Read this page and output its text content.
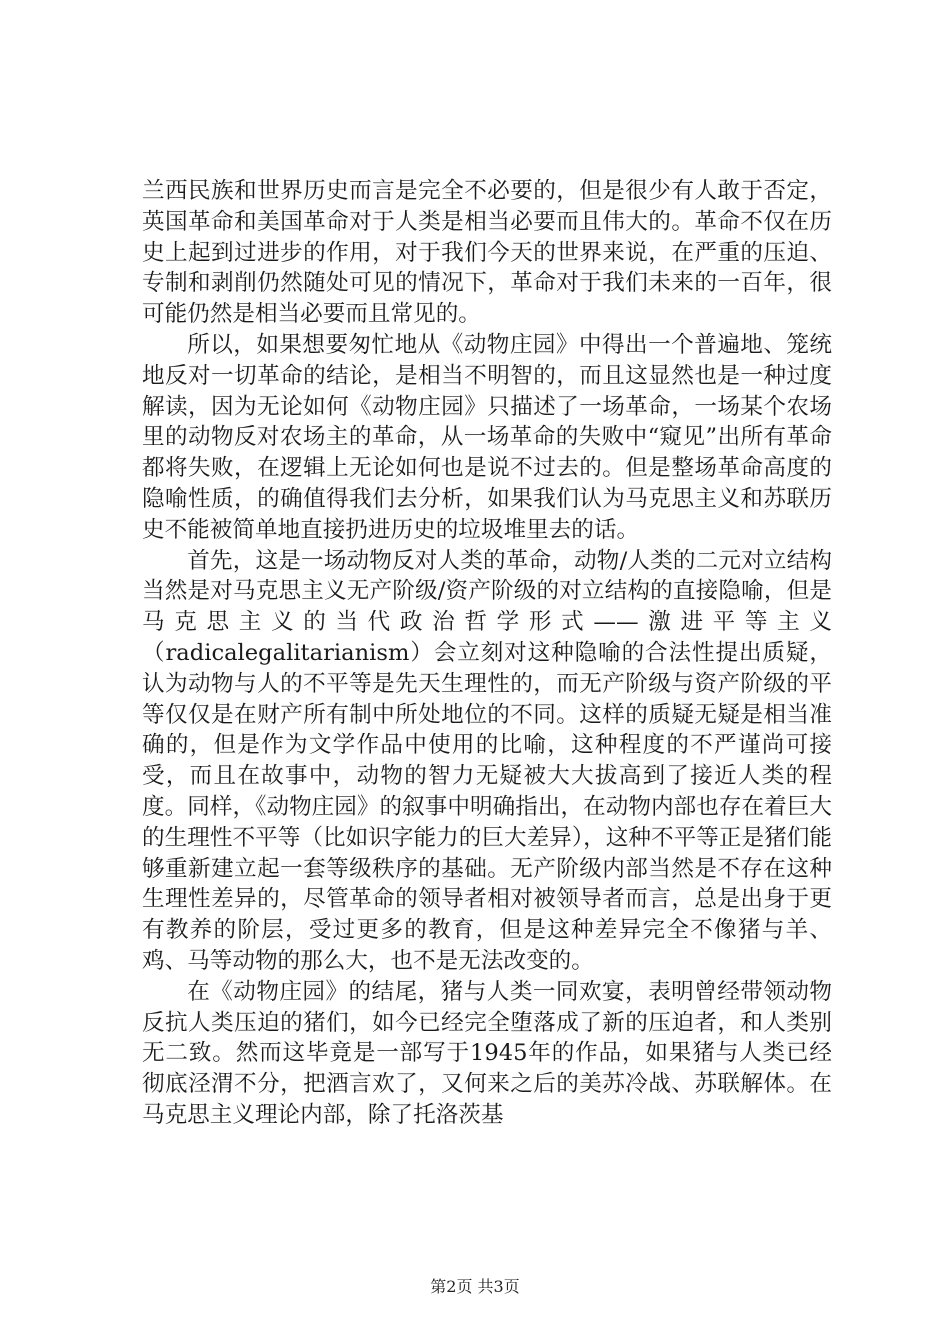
兰西民族和世界历史而言是完全不必要的，但是很少有人敢于否定，英国革命和美国革命对于人类是相当必要而且伟大的。革命不仅在历史上起到过进步的作用，对于我们今天的世界来说，在严重的压迫、专制和剥削仍然随处可见的情况下，革命对于我们未来的一百年，很可能仍然是相当必要而且常见的。

所以，如果想要匆忙地从《动物庄园》中得出一个普遍地、笼统地反对一切革命的结论，是相当不明智的，而且这显然也是一种过度解读，因为无论如何《动物庄园》只描述了一场革命，一场某个农场里的动物反对农场主的革命，从一场革命的失败中“窥见”出所有革命都将失败，在逻辑上无论如何也是说不过去的。但是整场革命高度的隐喻性质，的确值得我们去分析，如果我们认为马克思主义和苏联历史不能被简单地直接扔进历史的垃圾堆里去的话。

首先，这是一场动物反对人类的革命，动物/人类的二元对立结构当然是对马克思主义无产阶级/资产阶级的对立结构的直接隐喻，但是马克思主义的当代政治哲学形式——激进平等主义（radicalegalitarianism）会立刻对这种隐喻的合法性提出质疑，认为动物与人的不平等是先天生理性的，而无产阶级与资产阶级的平等仅仅是在财产所有制中所处地位的不同。这样的质疑无疑是相当准确的，但是作为文学作品中使用的比喻，这种程度的不严谨尚可接受，而且在故事中，动物的智力无疑被大大拔高到了接近人类的程度。同样，《动物庄园》的叙事中明确指出，在动物内部也存在着巨大的生理性不平等（比如识字能力的巨大差异），这种不平等正是猪们能够重新建立起一套等级秩序的基础。无产阶级内部当然是不存在这种生理性差异的，尽管革命的领导者相对被领导者而言，总是出身于更有教养的阶层，受过更多的教育，但是这种差异完全不像猪与羊、鸡、马等动物的那么大，也不是无法改变的。

在《动物庄园》的结尾，猪与人类一同欢宴，表明曾经带领动物反抗人类压迫的猪们，如今已经完全堕落成了新的压迫者，和人类别无二致。然而这毕竟是一部写于1945年的作品，如果猪与人类已经彻底泾渭不分，把酒言欢了，又何来之后的美苏冷战、苏联解体。在马克思主义理论内部，除了托洛茨基

第2页 共3页
